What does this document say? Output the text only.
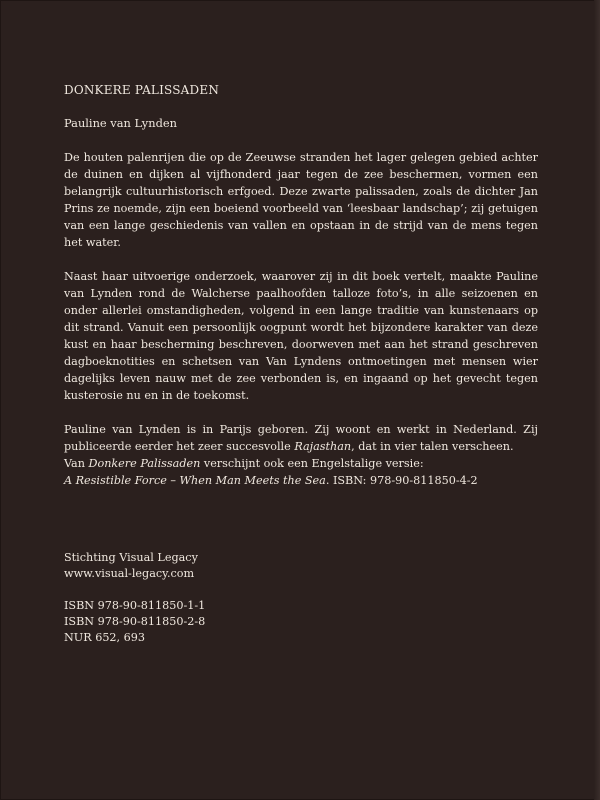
DONKERE PALISSADEN
Pauline van Lynden

De houten palenrijen die op de Zeeuwse stranden het lager gelegen gebied achter de duinen en dijken al vijfhonderd jaar tegen de zee beschermen, vormen een belangrijk cultuurhistorisch erfgoed. Deze zwarte palissaden, zoals de dichter Jan Prins ze noemde, zijn een boeiend voorbeeld van ‘leesbaar landschap’; zij getuigen van een lange geschiedenis van vallen en opstaan in de strijd van de mens tegen het water.

Naast haar uitvoerige onderzoek, waarover zij in dit boek vertelt, maakte Pauline van Lynden rond de Walcherse paalhoofden talloze foto’s, in alle seizoenen en onder allerlei omstandigheden, volgend in een lange traditie van kunstenaars op dit strand. Vanuit een persoonlijk oogpunt wordt het bijzondere karakter van deze kust en haar bescherming beschreven, doorweven met aan het strand geschreven dagboeknotities en schetsen van Van Lyndens ontmoetingen met mensen wier dagelijks leven nauw met de zee verbonden is, en ingaand op het gevecht tegen kusterosie nu en in de toekomst.

Pauline van Lynden is in Parijs geboren. Zij woont en werkt in Nederland. Zij publiceerde eerder het zeer succesvolle Rajasthan, dat in vier talen verscheen.
Van Donkere Palissaden verschijnt ook een Engelstalige versie:
A Resistible Force – When Man Meets the Sea. ISBN: 978-90-811850-4-2

Stichting Visual Legacy
www.visual-legacy.com
ISBN 978-90-811850-1-1
ISBN 978-90-811850-2-8
NUR 652, 693
